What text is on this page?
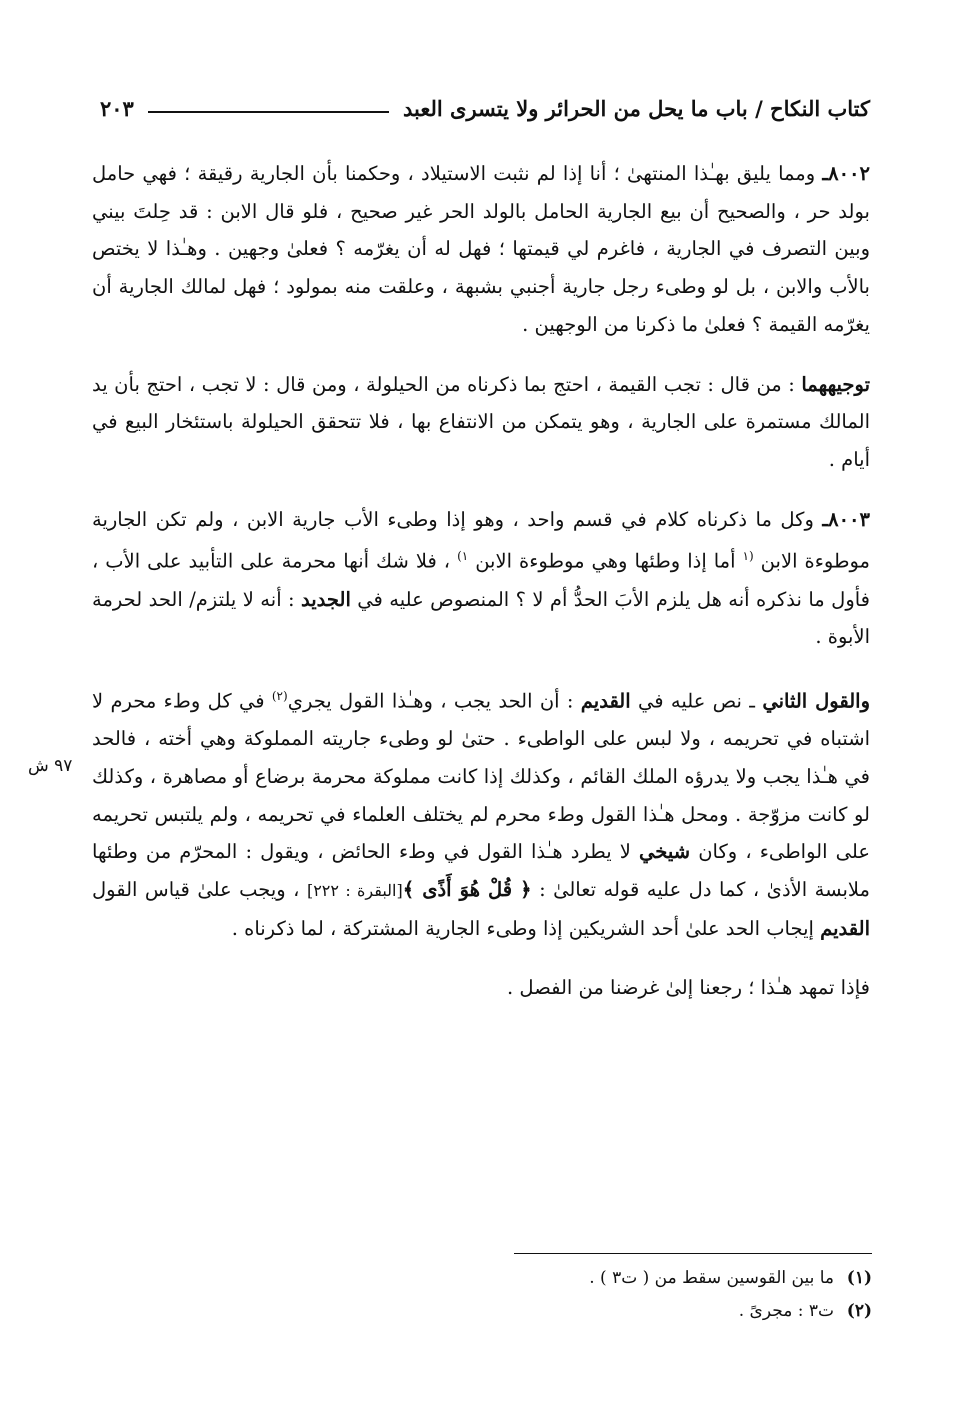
كتاب النكاح / باب ما يحل من الحرائر ولا يتسرى العبد
٢٠٣
٩٧ ش

٨٠٠٢ـ ومما يليق بهـٰذا المنتهىٰ ؛ أنا إذا لم نثبت الاستيلاد ، وحكمنا بأن الجارية رقيقة ؛ فهي حامل بولد حر ، والصحيح أن بيع الجارية الحامل بالولد الحر غير صحيح ، فلو قال الابن : قد حِلتَ بيني وبين التصرف في الجارية ، فاغرم لي قيمتها ؛ فهل له أن يغرّمه ؟ فعلىٰ وجهين . وهـٰذا لا يختص بالأب والابن ، بل لو وطىء رجل جارية أجنبي بشبهة ، وعلقت منه بمولود ؛ فهل لمالك الجارية أن يغرّمه القيمة ؟ فعلىٰ ما ذكرنا من الوجهين .

توجيههما : من قال : تجب القيمة ، احتج بما ذكرناه من الحيلولة ، ومن قال : لا تجب ، احتج بأن يد المالك مستمرة على الجارية ، وهو يتمكن من الانتفاع بها ، فلا تتحقق الحيلولة باستئخار البيع في أيام .

٨٠٠٣ـ وكل ما ذكرناه كلام في قسم واحد ، وهو إذا وطىء الأب جارية الابن ، ولم تكن الجارية موطوءة الابن $^{(١}$ أما إذا وطئها وهي موطوءة الابن $^{١)}$ ، فلا شك أنها محرمة على التأبيد على الأب ، فأول ما نذكره أنه هل يلزم الأبَ الحدُّ أم لا ؟ المنصوص عليه في الجديد : أنه لا يلتزم/ الحد لحرمة الأبوة .

والقول الثاني ـ نص عليه في القديم : أن الحد يجب ، وهـٰذا القول يجري$^{(٢)}$ في كل وطء محرم لا اشتباه في تحريمه ، ولا لبس على الواطىء . حتىٰ لو وطىء جاريته المملوكة وهي أخته ، فالحد في هـٰذا يجب ولا يدرؤه الملك القائم ، وكذلك إذا كانت مملوكة محرمة برضاع أو مصاهرة ، وكذلك لو كانت مزوّجة . ومحل هـٰذا القول وطء محرم لم يختلف العلماء في تحريمه ، ولم يلتبس تحريمه على الواطىء ، وكان شيخي لا يطرد هـٰذا القول في وطء الحائض ، ويقول : المحرّم من وطئها ملابسة الأذىٰ ، كما دل عليه قوله تعالىٰ : ﴿ قُلْ هُوَ أَذًى ﴾[البقرة : ٢٢٢] ، ويجب علىٰ قياس القول القديم إيجاب الحد علىٰ أحد الشريكين إذا وطىء الجارية المشتركة ، لما ذكرناه .

فإذا تمهد هـٰذا ؛ رجعنا إلىٰ غرضنا من الفصل .

(١)ما بين القوسين سقط من ( ت٣ ) .
(٢)ت٣ : مجرىً .
